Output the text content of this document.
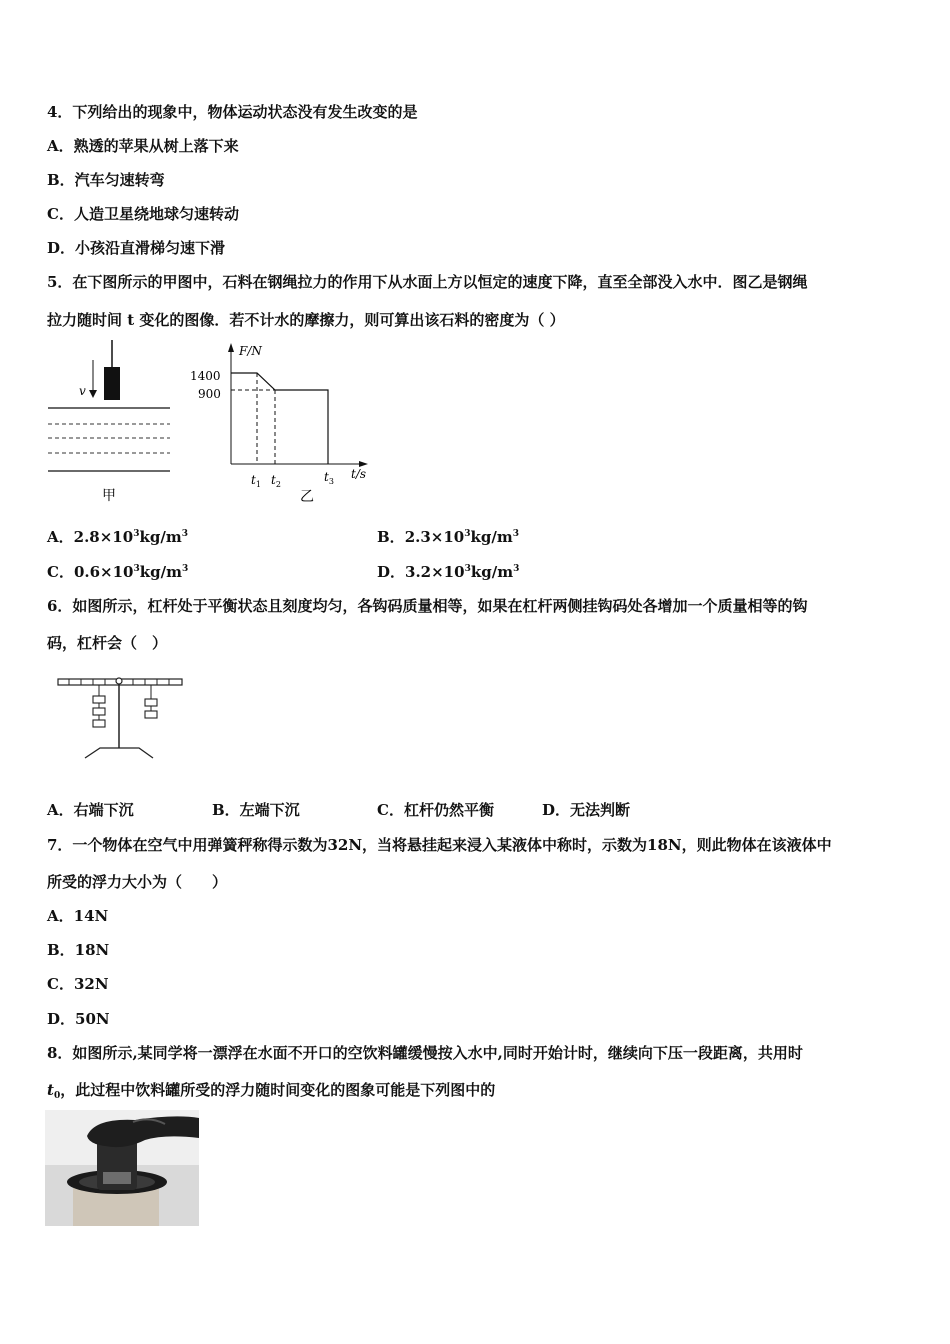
4．下列给出的现象中，物体运动状态没有发生改变的是
A．熟透的苹果从树上落下来
B．汽车匀速转弯
C．人造卫星绕地球匀速转动
D．小孩沿直滑梯匀速下滑
5．在下图所示的甲图中，石料在钢绳拉力的作用下从水面上方以恒定的速度下降，直至全部没入水中．图乙是钢绳
拉力随时间 t 变化的图像．若不计水的摩擦力，则可算出该石料的密度为（ ）
v
甲
F/N
t/s
1400
900
$t_1$ $t_2$
$t_3$
乙
A．$2.8\times 10^3kg/m^3$	B．$2.3\times 10^3kg/m^3$
C．$0.6\times 10^3kg/m^3$	D．$3.2\times 10^3kg/m^3$
6．如图所示，杠杆处于平衡状态且刻度均匀，各钩码质量相等，如果在杠杆两侧挂钩码处各增加一个质量相等的钩
码，杠杆会（　）
A．右端下沉	B．左端下沉	C．杠杆仍然平衡	D．无法判断
7．一个物体在空气中用弹簧秤称得示数为32N，当将悬挂起来浸入某液体中称时，示数为18N，则此物体在该液体中
所受的浮力大小为（　　）
A．14N
B．18N
C．32N
D．50N
8．如图所示,某同学将一漂浮在水面不开口的空饮料罐缓慢按入水中,同时开始计时，继续向下压一段距离，共用时
$t_0$，此过程中饮料罐所受的浮力随时间变化的图象可能是下列图中的
